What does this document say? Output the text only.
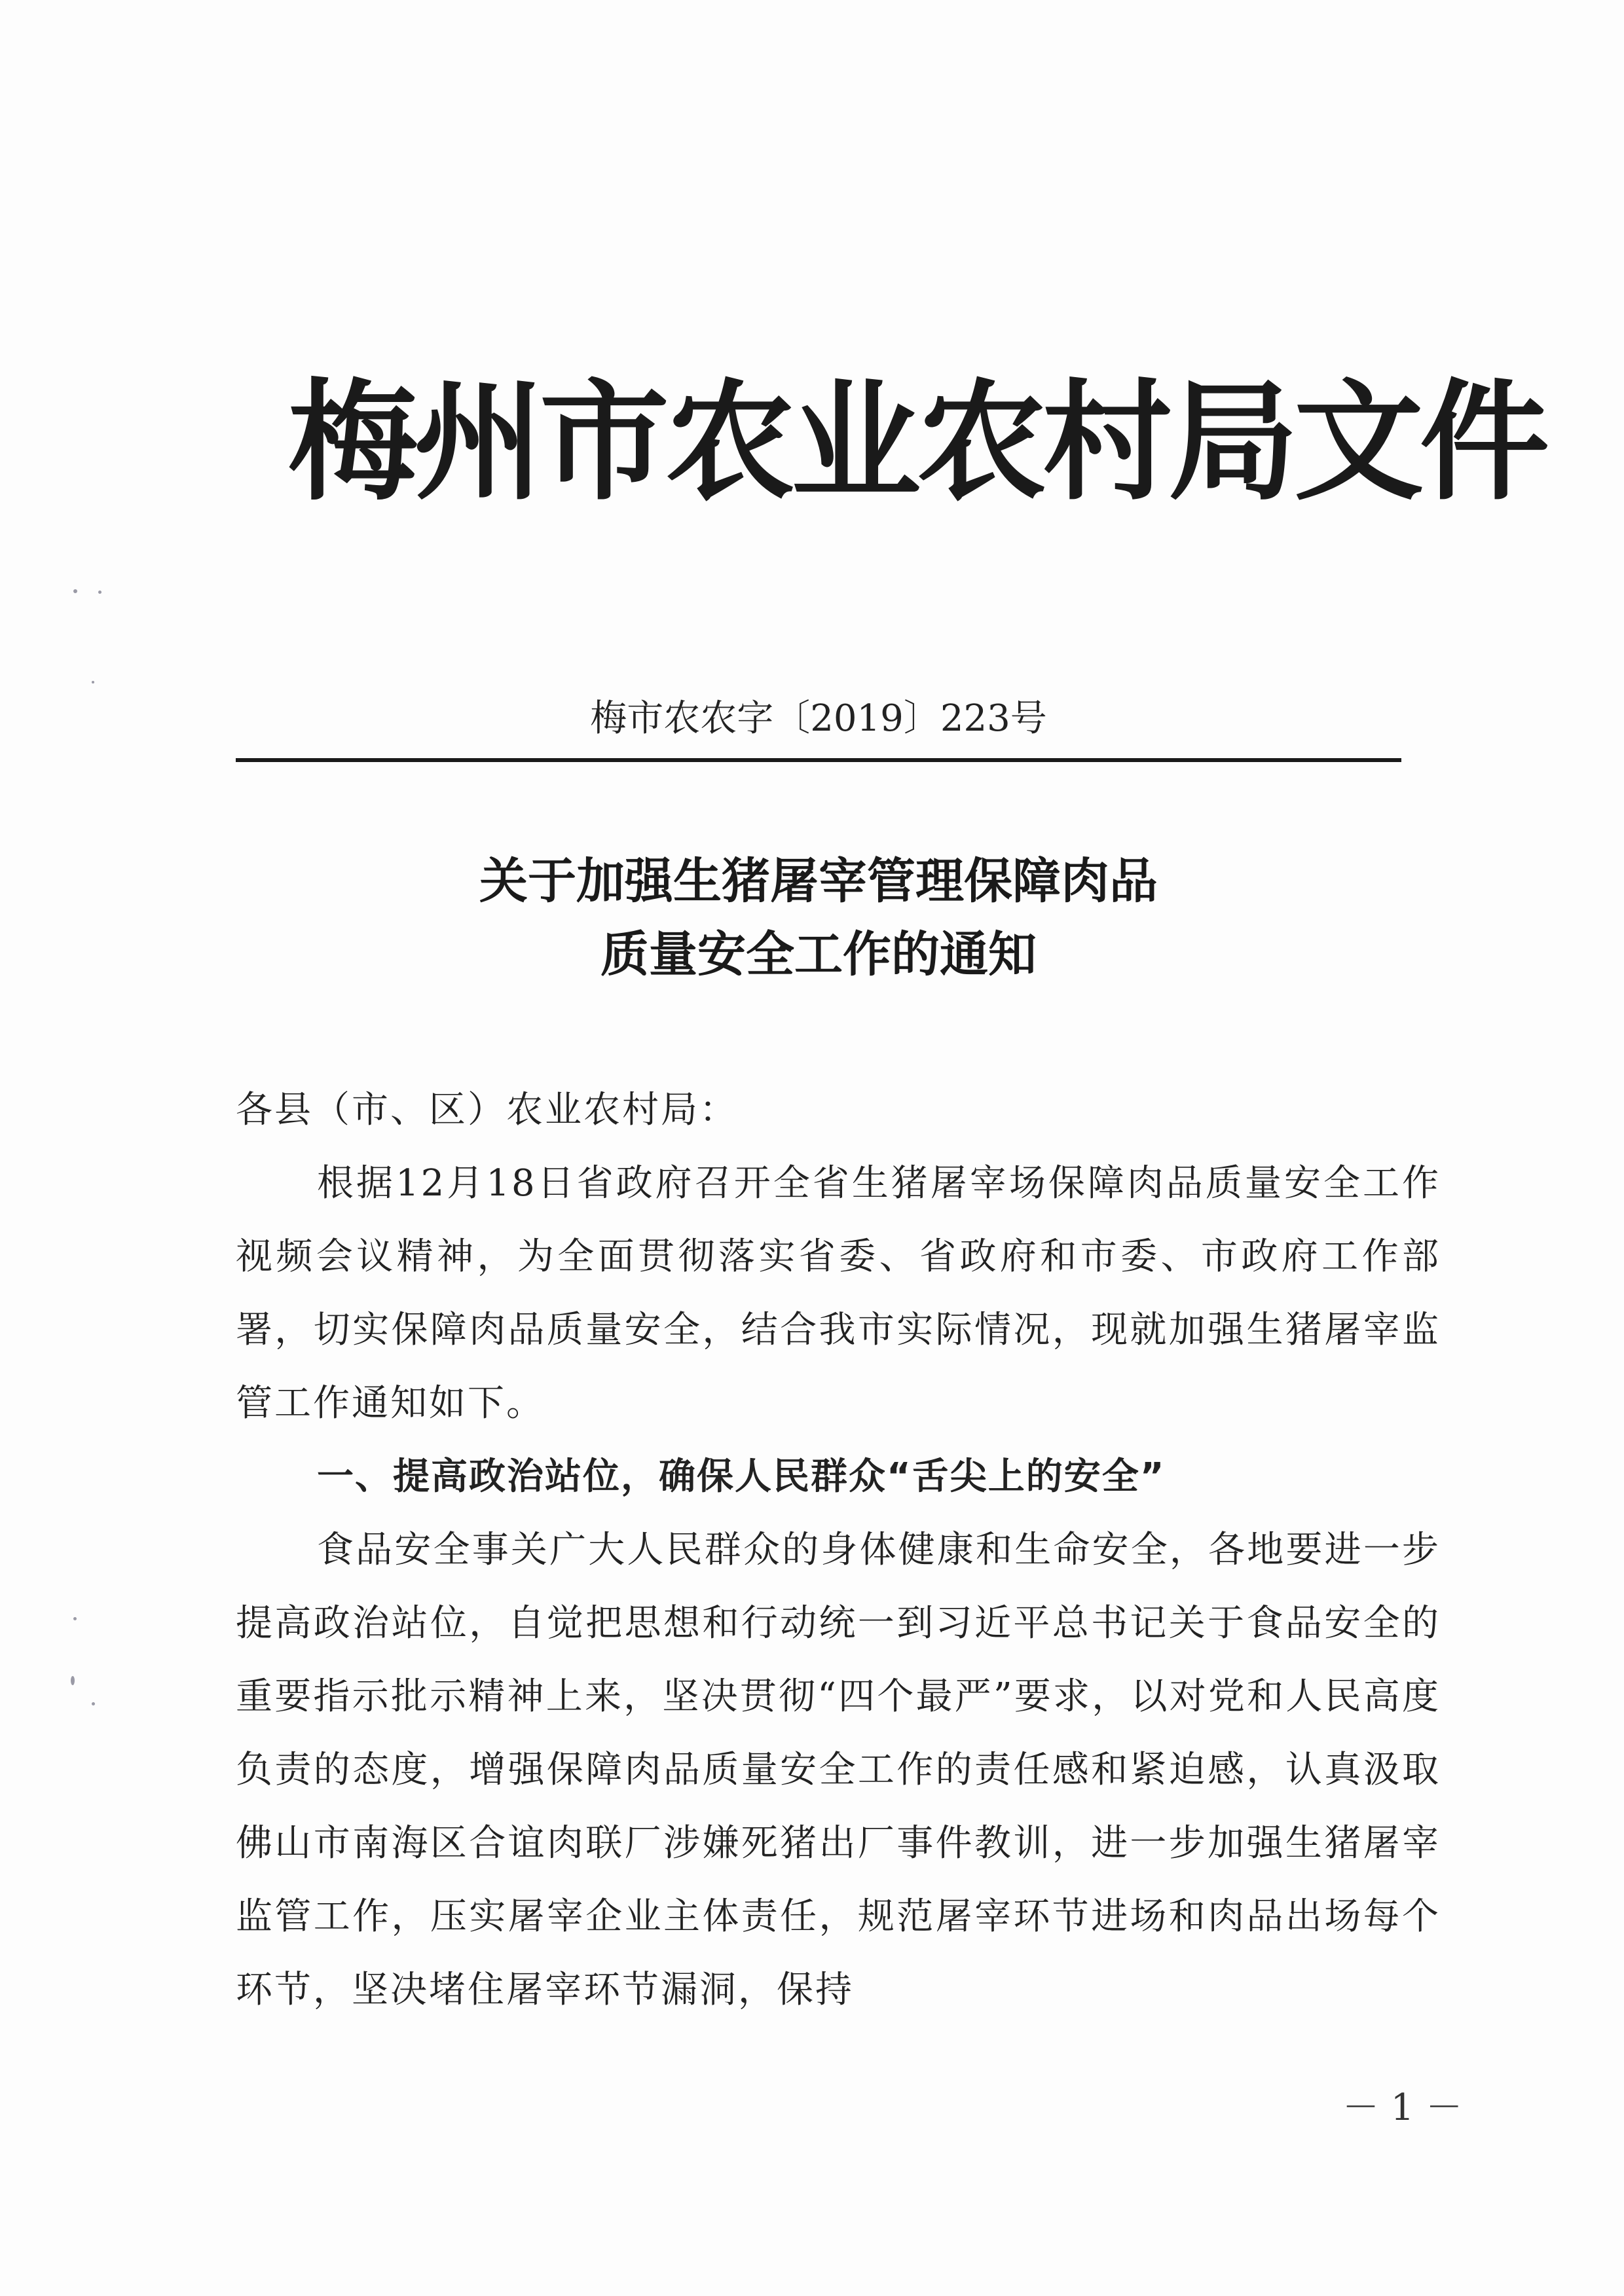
梅州市农业农村局文件
梅市农农字〔2019〕223号
关于加强生猪屠宰管理保障肉品
质量安全工作的通知

各县（市、区）农业农村局：

根据12月18日省政府召开全省生猪屠宰场保障肉品质量安全工作视频会议精神，为全面贯彻落实省委、省政府和市委、市政府工作部署，切实保障肉品质量安全，结合我市实际情况，现就加强生猪屠宰监管工作通知如下。

一、提高政治站位，确保人民群众“舌尖上的安全”

食品安全事关广大人民群众的身体健康和生命安全，各地要进一步提高政治站位，自觉把思想和行动统一到习近平总书记关于食品安全的重要指示批示精神上来，坚决贯彻“四个最严”要求，以对党和人民高度负责的态度，增强保障肉品质量安全工作的责任感和紧迫感，认真汲取佛山市南海区合谊肉联厂涉嫌死猪出厂事件教训，进一步加强生猪屠宰监管工作，压实屠宰企业主体责任，规范屠宰环节进场和肉品出场每个环节，坚决堵住屠宰环节漏洞，保持

－ 1 －
